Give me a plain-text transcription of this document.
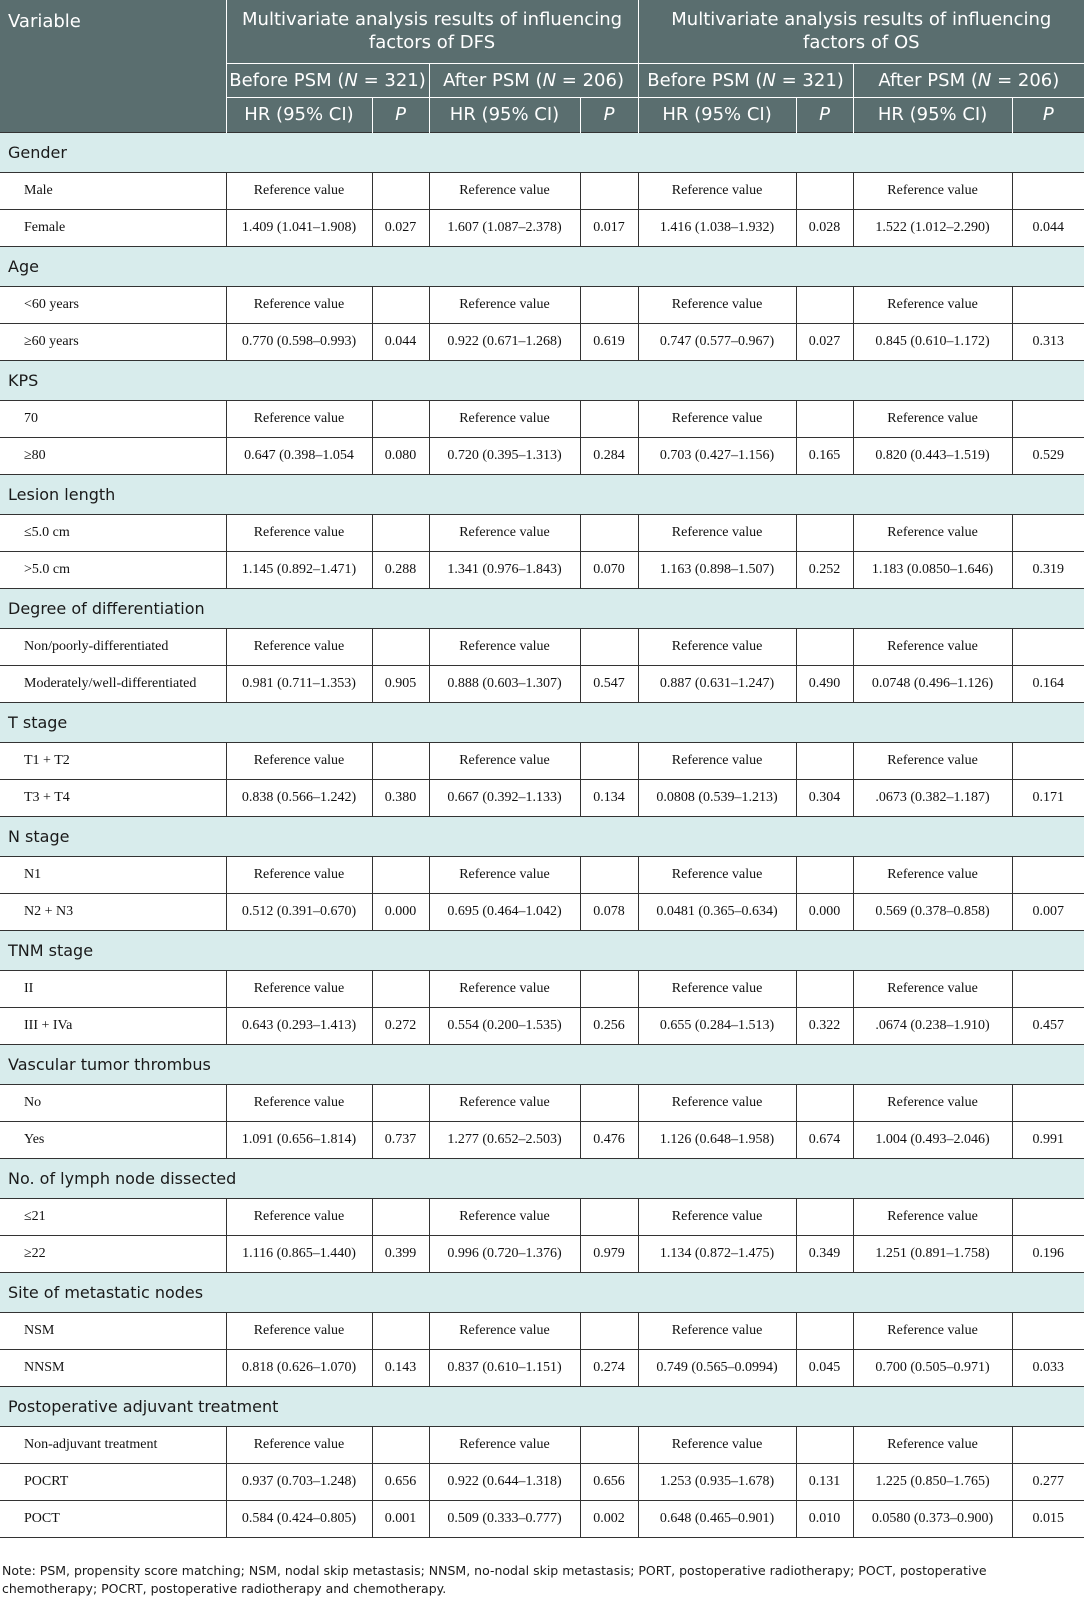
Variable	Multivariate analysis results of influencing factors of DFS				Multivariate analysis results of influencing factors of OS			
	Before PSM (N = 321)		After PSM (N = 206)		Before PSM (N = 321)		After PSM (N = 206)	
	HR (95% CI)	P	HR (95% CI)	P	HR (95% CI)	P	HR (95% CI)	P
Gender								
Male	Reference value		Reference value		Reference value		Reference value	
Female	1.409 (1.041–1.908)	0.027	1.607 (1.087–2.378)	0.017	1.416 (1.038–1.932)	0.028	1.522 (1.012–2.290)	0.044
Age								
<60 years	Reference value		Reference value		Reference value		Reference value	
≥60 years	0.770 (0.598–0.993)	0.044	0.922 (0.671–1.268)	0.619	0.747 (0.577–0.967)	0.027	0.845 (0.610–1.172)	0.313
KPS								
70	Reference value		Reference value		Reference value		Reference value	
≥80	0.647 (0.398–1.054	0.080	0.720 (0.395–1.313)	0.284	0.703 (0.427–1.156)	0.165	0.820 (0.443–1.519)	0.529
Lesion length								
≤5.0 cm	Reference value		Reference value		Reference value		Reference value	
>5.0 cm	1.145 (0.892–1.471)	0.288	1.341 (0.976–1.843)	0.070	1.163 (0.898–1.507)	0.252	1.183 (0.0850–1.646)	0.319
Degree of differentiation								
Non/poorly-differentiated	Reference value		Reference value		Reference value		Reference value	
Moderately/well-differentiated	0.981 (0.711–1.353)	0.905	0.888 (0.603–1.307)	0.547	0.887 (0.631–1.247)	0.490	0.0748 (0.496–1.126)	0.164
T stage								
T1 + T2	Reference value		Reference value		Reference value		Reference value	
T3 + T4	0.838 (0.566–1.242)	0.380	0.667 (0.392–1.133)	0.134	0.0808 (0.539–1.213)	0.304	.0673 (0.382–1.187)	0.171
N stage								
N1	Reference value		Reference value		Reference value		Reference value	
N2 + N3	0.512 (0.391–0.670)	0.000	0.695 (0.464–1.042)	0.078	0.0481 (0.365–0.634)	0.000	0.569 (0.378–0.858)	0.007
TNM stage								
II	Reference value		Reference value		Reference value		Reference value	
III + IVa	0.643 (0.293–1.413)	0.272	0.554 (0.200–1.535)	0.256	0.655 (0.284–1.513)	0.322	.0674 (0.238–1.910)	0.457
Vascular tumor thrombus								
No	Reference value		Reference value		Reference value		Reference value	
Yes	1.091 (0.656–1.814)	0.737	1.277 (0.652–2.503)	0.476	1.126 (0.648–1.958)	0.674	1.004 (0.493–2.046)	0.991
No. of lymph node dissected								
≤21	Reference value		Reference value		Reference value		Reference value	
≥22	1.116 (0.865–1.440)	0.399	0.996 (0.720–1.376)	0.979	1.134 (0.872–1.475)	0.349	1.251 (0.891–1.758)	0.196
Site of metastatic nodes								
NSM	Reference value		Reference value		Reference value		Reference value	
NNSM	0.818 (0.626–1.070)	0.143	0.837 (0.610–1.151)	0.274	0.749 (0.565–0.0994)	0.045	0.700 (0.505–0.971)	0.033
Postoperative adjuvant treatment								
Non-adjuvant treatment	Reference value		Reference value		Reference value		Reference value	
POCRT	0.937 (0.703–1.248)	0.656	0.922 (0.644–1.318)	0.656	1.253 (0.935–1.678)	0.131	1.225 (0.850–1.765)	0.277
POCT	0.584 (0.424–0.805)	0.001	0.509 (0.333–0.777)	0.002	0.648 (0.465–0.901)	0.010	0.0580 (0.373–0.900)	0.015
Note: PSM, propensity score matching; NSM, nodal skip metastasis; NNSM, no-nodal skip metastasis; PORT, postoperative radiotherapy; POCT, postoperative chemotherapy; POCRT, postoperative radiotherapy and chemotherapy.
